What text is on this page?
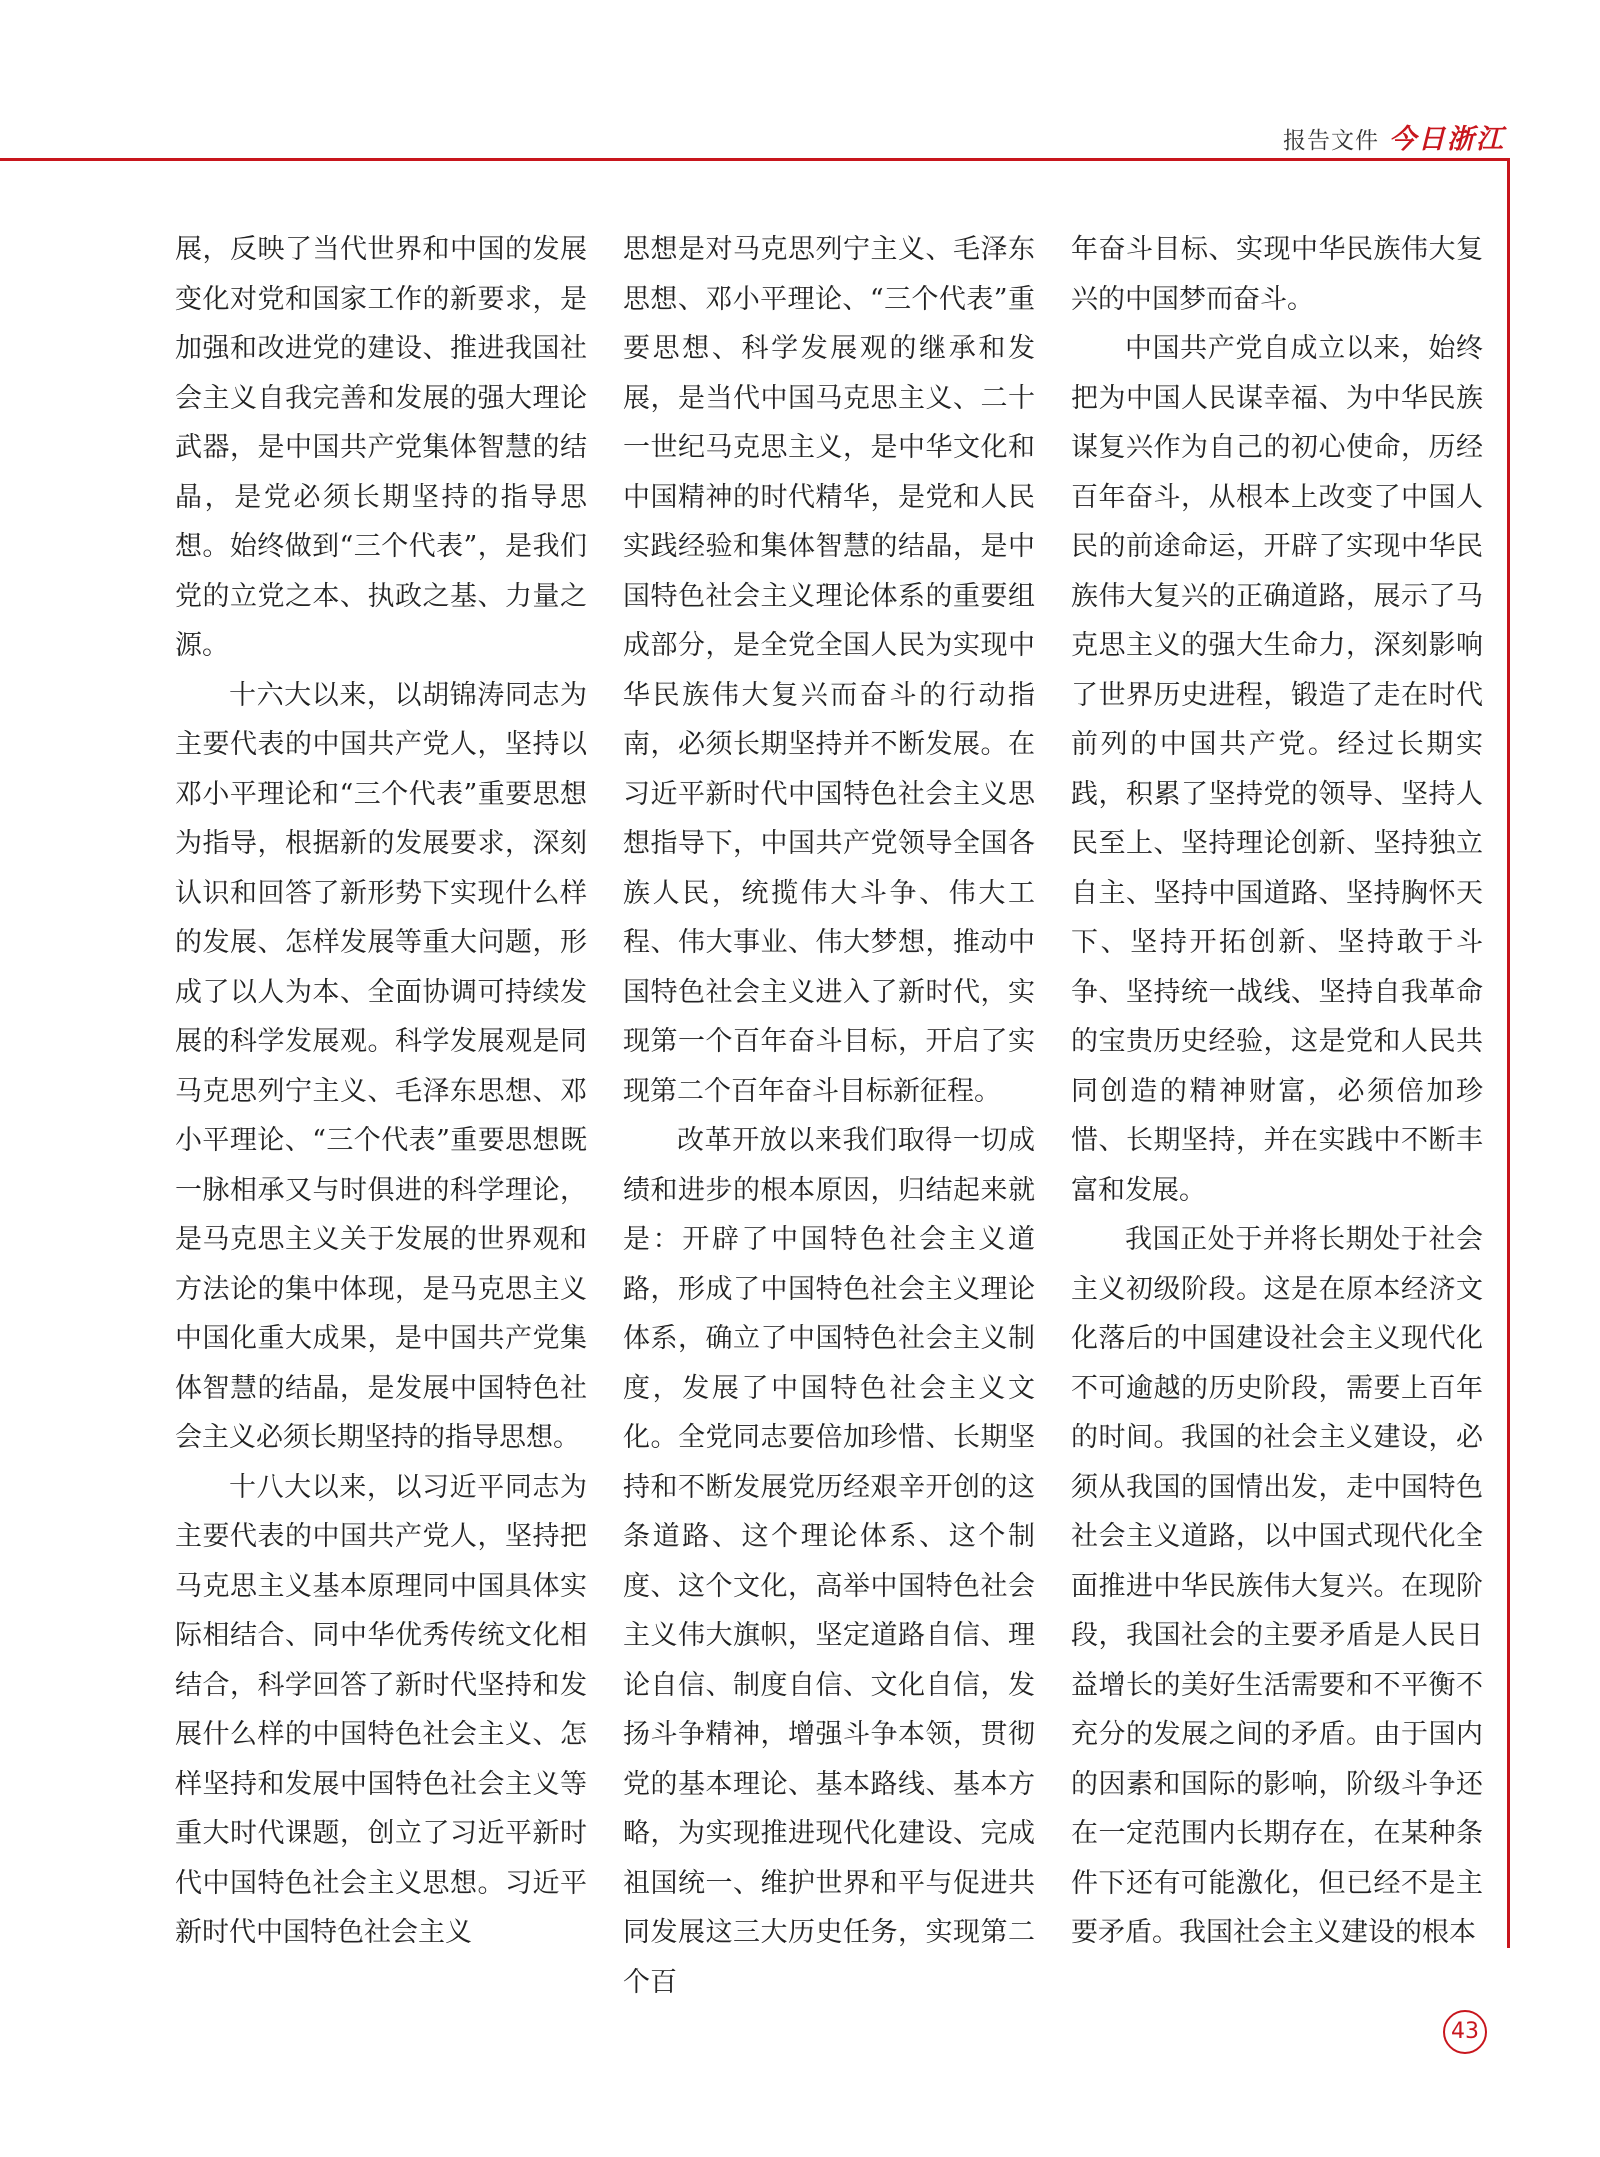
报告文件 今日浙江

展，反映了当代世界和中国的发展变化对党和国家工作的新要求，是加强和改进党的建设、推进我国社会主义自我完善和发展的强大理论武器，是中国共产党集体智慧的结晶，是党必须长期坚持的指导思想。始终做到“三个代表”，是我们党的立党之本、执政之基、力量之源。

十六大以来，以胡锦涛同志为主要代表的中国共产党人，坚持以邓小平理论和“三个代表”重要思想为指导，根据新的发展要求，深刻认识和回答了新形势下实现什么样的发展、怎样发展等重大问题，形成了以人为本、全面协调可持续发展的科学发展观。科学发展观是同马克思列宁主义、毛泽东思想、邓小平理论、“三个代表”重要思想既一脉相承又与时俱进的科学理论，是马克思主义关于发展的世界观和方法论的集中体现，是马克思主义中国化重大成果，是中国共产党集体智慧的结晶，是发展中国特色社会主义必须长期坚持的指导思想。

十八大以来，以习近平同志为主要代表的中国共产党人，坚持把马克思主义基本原理同中国具体实际相结合、同中华优秀传统文化相结合，科学回答了新时代坚持和发展什么样的中国特色社会主义、怎样坚持和发展中国特色社会主义等重大时代课题，创立了习近平新时代中国特色社会主义思想。习近平新时代中国特色社会主义

思想是对马克思列宁主义、毛泽东思想、邓小平理论、“三个代表”重要思想、科学发展观的继承和发展，是当代中国马克思主义、二十一世纪马克思主义，是中华文化和中国精神的时代精华，是党和人民实践经验和集体智慧的结晶，是中国特色社会主义理论体系的重要组成部分，是全党全国人民为实现中华民族伟大复兴而奋斗的行动指南，必须长期坚持并不断发展。在习近平新时代中国特色社会主义思想指导下，中国共产党领导全国各族人民，统揽伟大斗争、伟大工程、伟大事业、伟大梦想，推动中国特色社会主义进入了新时代，实现第一个百年奋斗目标，开启了实现第二个百年奋斗目标新征程。

改革开放以来我们取得一切成绩和进步的根本原因，归结起来就是：开辟了中国特色社会主义道路，形成了中国特色社会主义理论体系，确立了中国特色社会主义制度，发展了中国特色社会主义文化。全党同志要倍加珍惜、长期坚持和不断发展党历经艰辛开创的这条道路、这个理论体系、这个制度、这个文化，高举中国特色社会主义伟大旗帜，坚定道路自信、理论自信、制度自信、文化自信，发扬斗争精神，增强斗争本领，贯彻党的基本理论、基本路线、基本方略，为实现推进现代化建设、完成祖国统一、维护世界和平与促进共同发展这三大历史任务，实现第二个百

年奋斗目标、实现中华民族伟大复兴的中国梦而奋斗。

中国共产党自成立以来，始终把为中国人民谋幸福、为中华民族谋复兴作为自己的初心使命，历经百年奋斗，从根本上改变了中国人民的前途命运，开辟了实现中华民族伟大复兴的正确道路，展示了马克思主义的强大生命力，深刻影响了世界历史进程，锻造了走在时代前列的中国共产党。经过长期实践，积累了坚持党的领导、坚持人民至上、坚持理论创新、坚持独立自主、坚持中国道路、坚持胸怀天下、坚持开拓创新、坚持敢于斗争、坚持统一战线、坚持自我革命的宝贵历史经验，这是党和人民共同创造的精神财富，必须倍加珍惜、长期坚持，并在实践中不断丰富和发展。

我国正处于并将长期处于社会主义初级阶段。这是在原本经济文化落后的中国建设社会主义现代化不可逾越的历史阶段，需要上百年的时间。我国的社会主义建设，必须从我国的国情出发，走中国特色社会主义道路，以中国式现代化全面推进中华民族伟大复兴。在现阶段，我国社会的主要矛盾是人民日益增长的美好生活需要和不平衡不充分的发展之间的矛盾。由于国内的因素和国际的影响，阶级斗争还在一定范围内长期存在，在某种条件下还有可能激化，但已经不是主要矛盾。我国社会主义建设的根本

43
